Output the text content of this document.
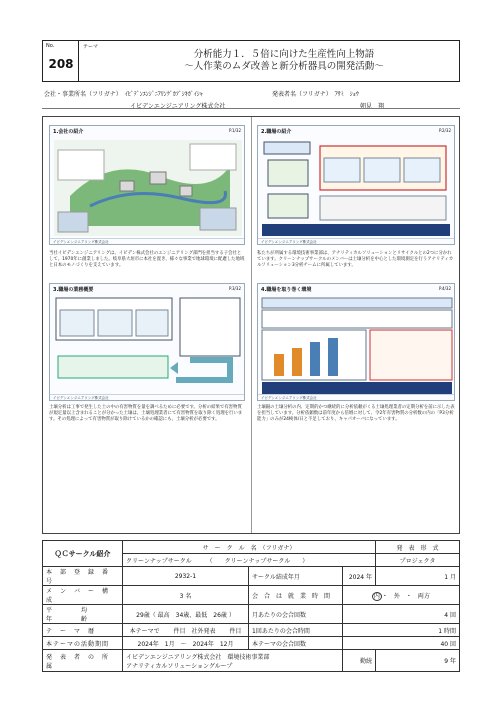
No.
208
テーマ
分析能力１．５倍に向けた生産性向上物語
～人作業のムダ改善と新分析器具の開発活動～
会社・事業所名（フリガナ）　 ｲﾋﾞﾃﾞﾝｴﾝｼﾞﾆｱﾘﾝｸﾞｶﾌﾞｼｷｶﾞｲｼｬ
イビデンエンジニアリング株式会社
発表者名（フリガナ）　 ｱｻﾐ　ｼｮｳ
朝見　翔
1.会社の紹介	P.1/32
イビデンエンジニアリング株式会社
2.職場の紹介	P.2/32
イビデンエンジニアリング株式会社
当社イビデンエンジニアリングは、イビデン株式会社のエンジニアリング部門を担当する子会社として、1970年に創業しました。岐阜県大垣市に本社を置き、様々な事業で地球環境に配慮した地域と日本のモノづくりを支えています。
私たちが所属する環境技術事業部は、アナリティカルソリューションとリサイクルとの2つに分かれています。クリーンナップサークルのメンバーは土壌分析を中心とした環境測定を行うアナリティカルソリューション3分析チームに所属しています。
3.職場の業務概要	P.3/32
イビデンエンジニアリング株式会社
4.職場を取り巻く環境	P.4/32
イビデンエンジニアリング株式会社
土壌分析は工事で発生した土の中の有害物質を量を調べるために必要です。分析の結果で有害物質が規定量以上含まれることが分かった土壌は、土壌処理業者にて有害物質を取り除く処理を行います。その処理によって有害物質が取り除けているかの確認にも、土壌分析が必要です。
土壌銀の土壌分析の内、定期的かつ継続的に分析依頼がくる土壌処理業者の定期分析を前に示した表を担当しています。分析依頼数は前年度から倍増に対して、令2年有害物質の分析数の内の「P3分析能力」のみが24検体/日と不足しており、キャパオーバになっています。
ＱＣサークル紹介	サ　ー　ク　ル　名　（フリガナ）			発　表　形　式
	クリーンナップサークル　　　 （　　クリーンナップサークル　　）			プロジェクタ
本　部　登　録　番　号	2932-1	サークル結成年月	2024 年	1 月
メ　ン　バ　ー　構　成	3 名	会　合　は　就　業　時　間	内 ・　外　・　両方	
平　　　　均　　　　年　　　　齢	29歳（ 最高　34歳、最低　26歳 ）	月あたりの会合回数	4 回	
テ　ー　マ　暦	本テーマで　　 件目　社外発表　　 件目	1回あたりの会合時間	1 時間	
本テーマの活動期間	2024年　1月　～　2024年　12月	本テーマの会合回数	40 回	
発　表　者　の　所　属	イビデンエンジニアリング株式会社　環境技術事業部
アナリティカルソリューショングループ		勤続	9 年
